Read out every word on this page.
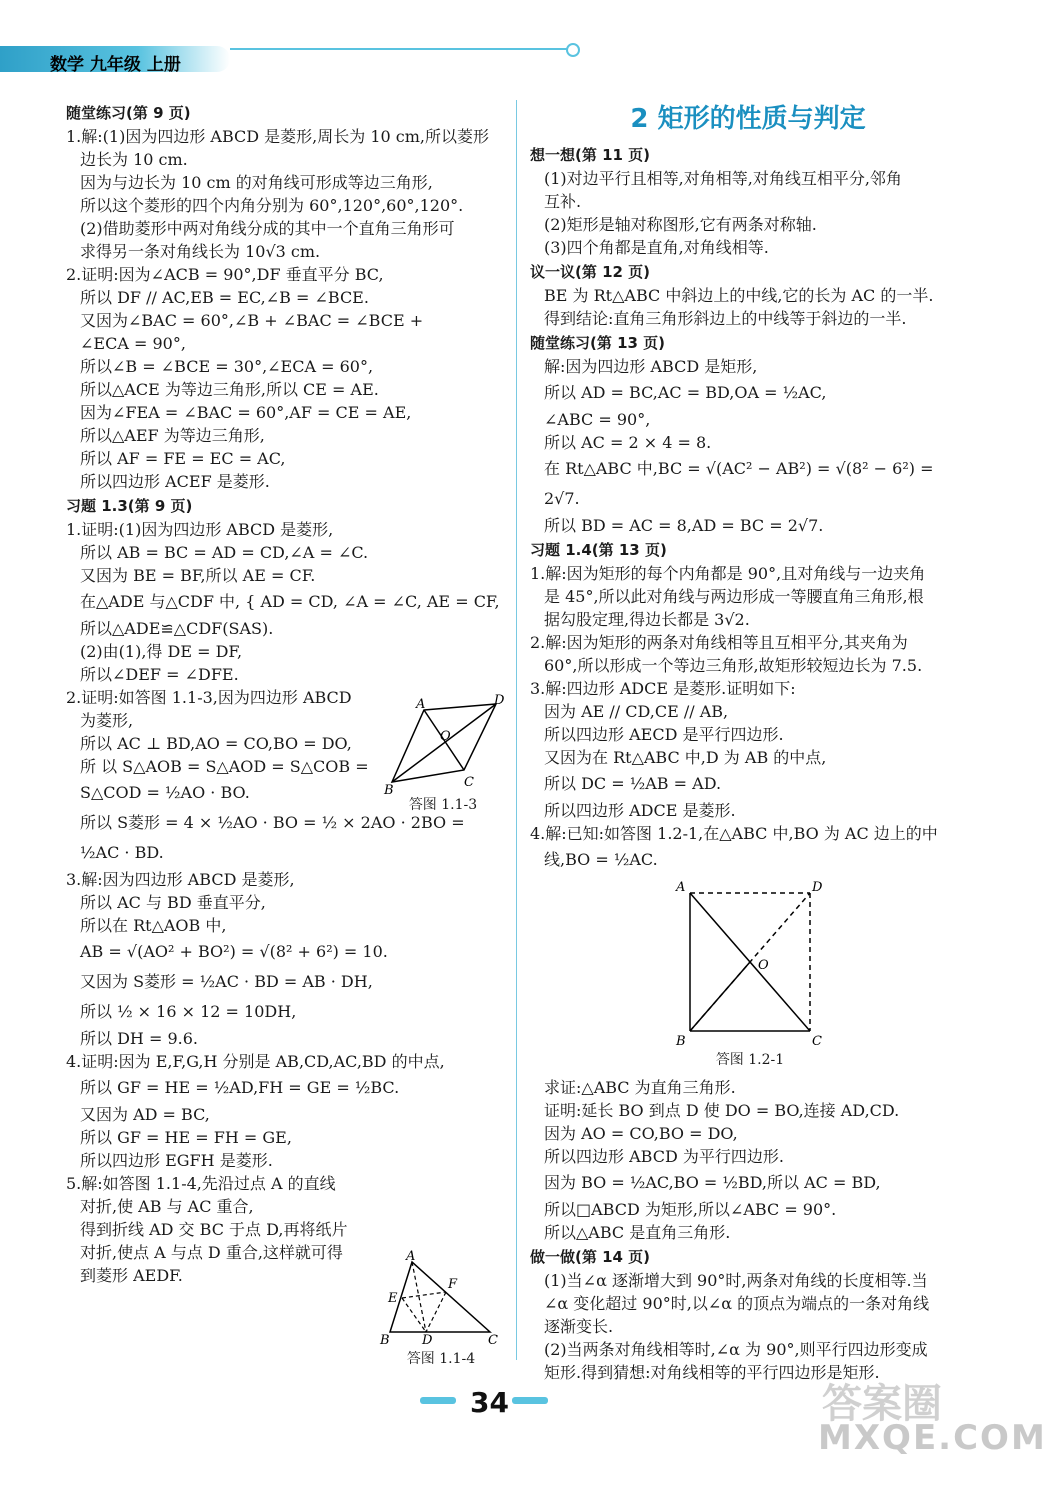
数学 九年级 上册
随堂练习(第 9 页)
1.解:(1)因为四边形 ABCD 是菱形,周长为 10 cm,所以菱形
边长为 10 cm.
因为与边长为 10 cm 的对角线可形成等边三角形,
所以这个菱形的四个内角分别为 60°,120°,60°,120°.
(2)借助菱形中两对角线分成的其中一个直角三角形可
求得另一条对角线长为 10√3 cm.
2.证明:因为∠ACB = 90°,DF 垂直平分 BC,
所以 DF // AC,EB = EC,∠B = ∠BCE.
又因为∠BAC = 60°,∠B + ∠BAC = ∠BCE +
∠ECA = 90°,
所以∠B = ∠BCE = 30°,∠ECA = 60°,
所以△ACE 为等边三角形,所以 CE = AE.
因为∠FEA = ∠BAC = 60°,AF = CE = AE,
所以△AEF 为等边三角形,
所以 AF = FE = EC = AC,
所以四边形 ACEF 是菱形.
习题 1.3(第 9 页)
1.证明:(1)因为四边形 ABCD 是菱形,
所以 AB = BC = AD = CD,∠A = ∠C.
又因为 BE = BF,所以 AE = CF.
在△ADE 与△CDF 中, { AD = CD, ∠A = ∠C, AE = CF,
所以△ADE≌△CDF(SAS).
(2)由(1),得 DE = DF,
所以∠DEF = ∠DFE.
2.证明:如答图 1.1-3,因为四边形 ABCD
为菱形,
所以 AC ⊥ BD,AO = CO,BO = DO,
所 以 S△AOB = S△AOD = S△COB =
S△COD = ½AO · BO.
所以 S菱形 = 4 × ½AO · BO = ½ × 2AO · 2BO =
½AC · BD.
3.解:因为四边形 ABCD 是菱形,
所以 AC 与 BD 垂直平分,
所以在 Rt△AOB 中,
AB = √(AO² + BO²) = √(8² + 6²) = 10.
又因为 S菱形 = ½AC · BD = AB · DH,
所以 ½ × 16 × 12 = 10DH,
所以 DH = 9.6.
4.证明:因为 E,F,G,H 分别是 AB,CD,AC,BD 的中点,
所以 GF = HE = ½AD,FH = GE = ½BC.
又因为 AD = BC,
所以 GF = HE = FH = GE,
所以四边形 EGFH 是菱形.
5.解:如答图 1.1-4,先沿过点 A 的直线
对折,使 AB 与 AC 重合,
得到折线 AD 交 BC 于点 D,再将纸片
对折,使点 A 与点 D 重合,这样就可得
到菱形 AEDF.
2 矩形的性质与判定
想一想(第 11 页)
(1)对边平行且相等,对角相等,对角线互相平分,邻角
互补.
(2)矩形是轴对称图形,它有两条对称轴.
(3)四个角都是直角,对角线相等.
议一议(第 12 页)
BE 为 Rt△ABC 中斜边上的中线,它的长为 AC 的一半.
得到结论:直角三角形斜边上的中线等于斜边的一半.
随堂练习(第 13 页)
解:因为四边形 ABCD 是矩形,
所以 AD = BC,AC = BD,OA = ½AC,
∠ABC = 90°,
所以 AC = 2 × 4 = 8.
在 Rt△ABC 中,BC = √(AC² − AB²) = √(8² − 6²) = 2√7.
所以 BD = AC = 8,AD = BC = 2√7.
习题 1.4(第 13 页)
1.解:因为矩形的每个内角都是 90°,且对角线与一边夹角
是 45°,所以此对角线与两边形成一等腰直角三角形,根
据勾股定理,得边长都是 3√2.
2.解:因为矩形的两条对角线相等且互相平分,其夹角为
60°,所以形成一个等边三角形,故矩形较短边长为 7.5.
3.解:四边形 ADCE 是菱形.证明如下:
因为 AE // CD,CE // AB,
所以四边形 AECD 是平行四边形.
又因为在 Rt△ABC 中,D 为 AB 的中点,
所以 DC = ½AB = AD.
所以四边形 ADCE 是菱形.
4.解:已知:如答图 1.2-1,在△ABC 中,BO 为 AC 边上的中
线,BO = ½AC.
A	D
O
B	C
答图 1.2-1
求证:△ABC 为直角三角形.
证明:延长 BO 到点 D 使 DO = BO,连接 AD,CD.
因为 AO = CO,BO = DO,
所以四边形 ABCD 为平行四边形.
因为 BO = ½AC,BO = ½BD,所以 AC = BD,
所以□ABCD 为矩形,所以∠ABC = 90°.
所以△ABC 是直角三角形.
做一做(第 14 页)
(1)当∠α 逐渐增大到 90°时,两条对角线的长度相等.当
∠α 变化超过 90°时,以∠α 的顶点为端点的一条对角线
逐渐变长.
(2)当两条对角线相等时,∠α 为 90°,则平行四边形变成
矩形.得到猜想:对角线相等的平行四边形是矩形.
A	D
O
B
C
答图 1.1-3
A
F
E
B D	C
答图 1.1-4
34	答案圈
MXQE.COM
